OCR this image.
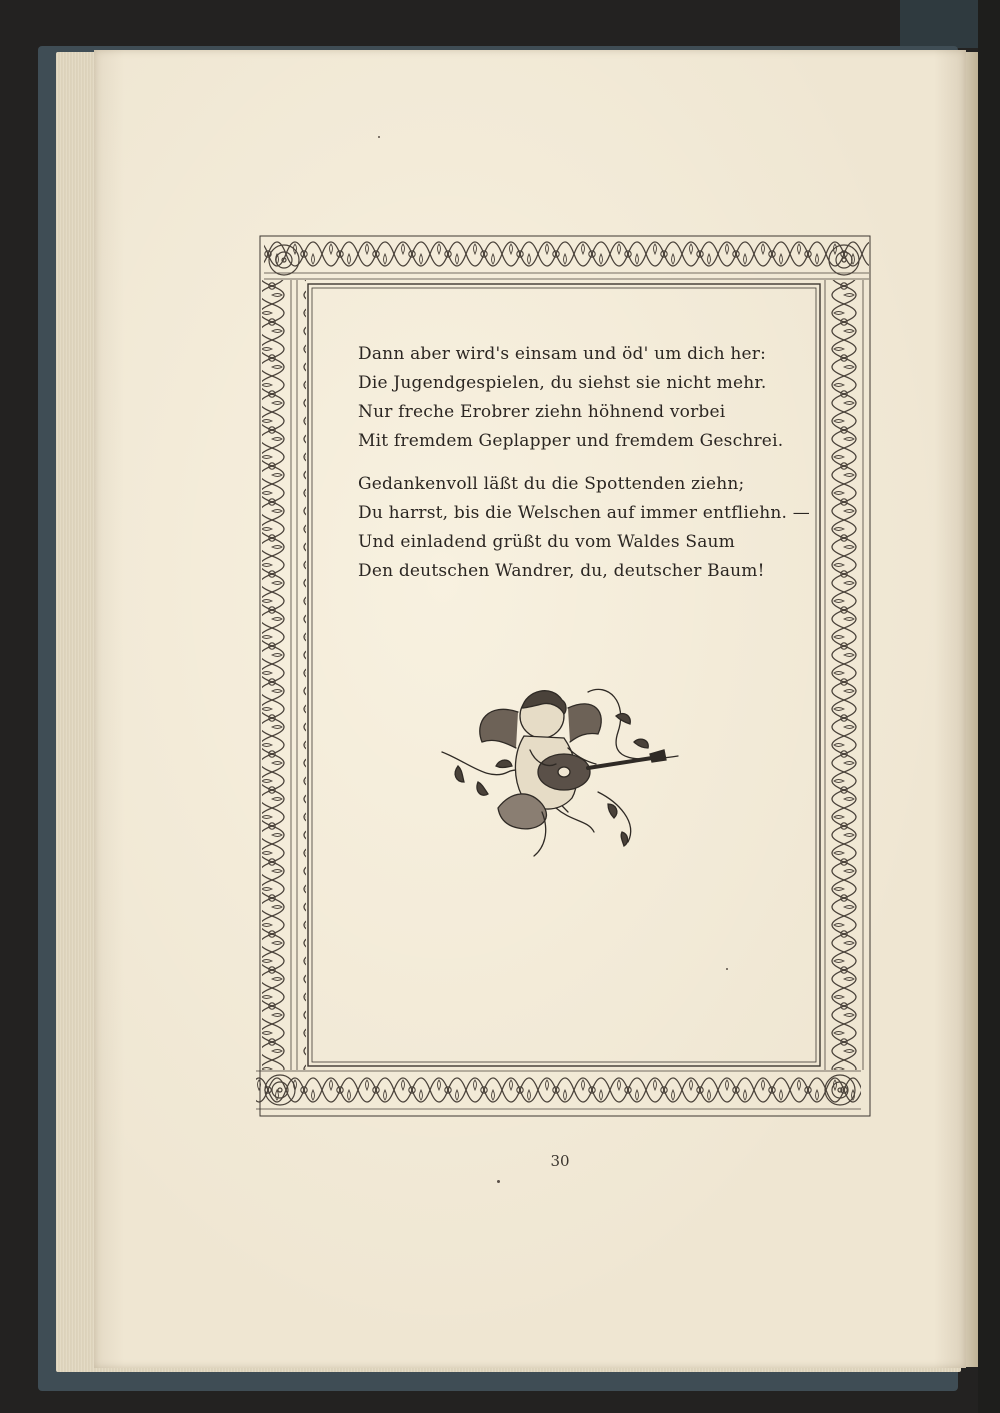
Dann aber wird's einsam und öd' um dich her:
Die Jugendgespielen, du siehst sie nicht mehr.
Nur freche Erobrer ziehn höhnend vorbei
Mit fremdem Geplapper und fremdem Geschrei.
Gedankenvoll läßt du die Spottenden ziehn;
Du harrst, bis die Welschen auf immer entfliehn. —
Und einladend grüßt du vom Waldes Saum
Den deutschen Wandrer, du, deutscher Baum!
30
